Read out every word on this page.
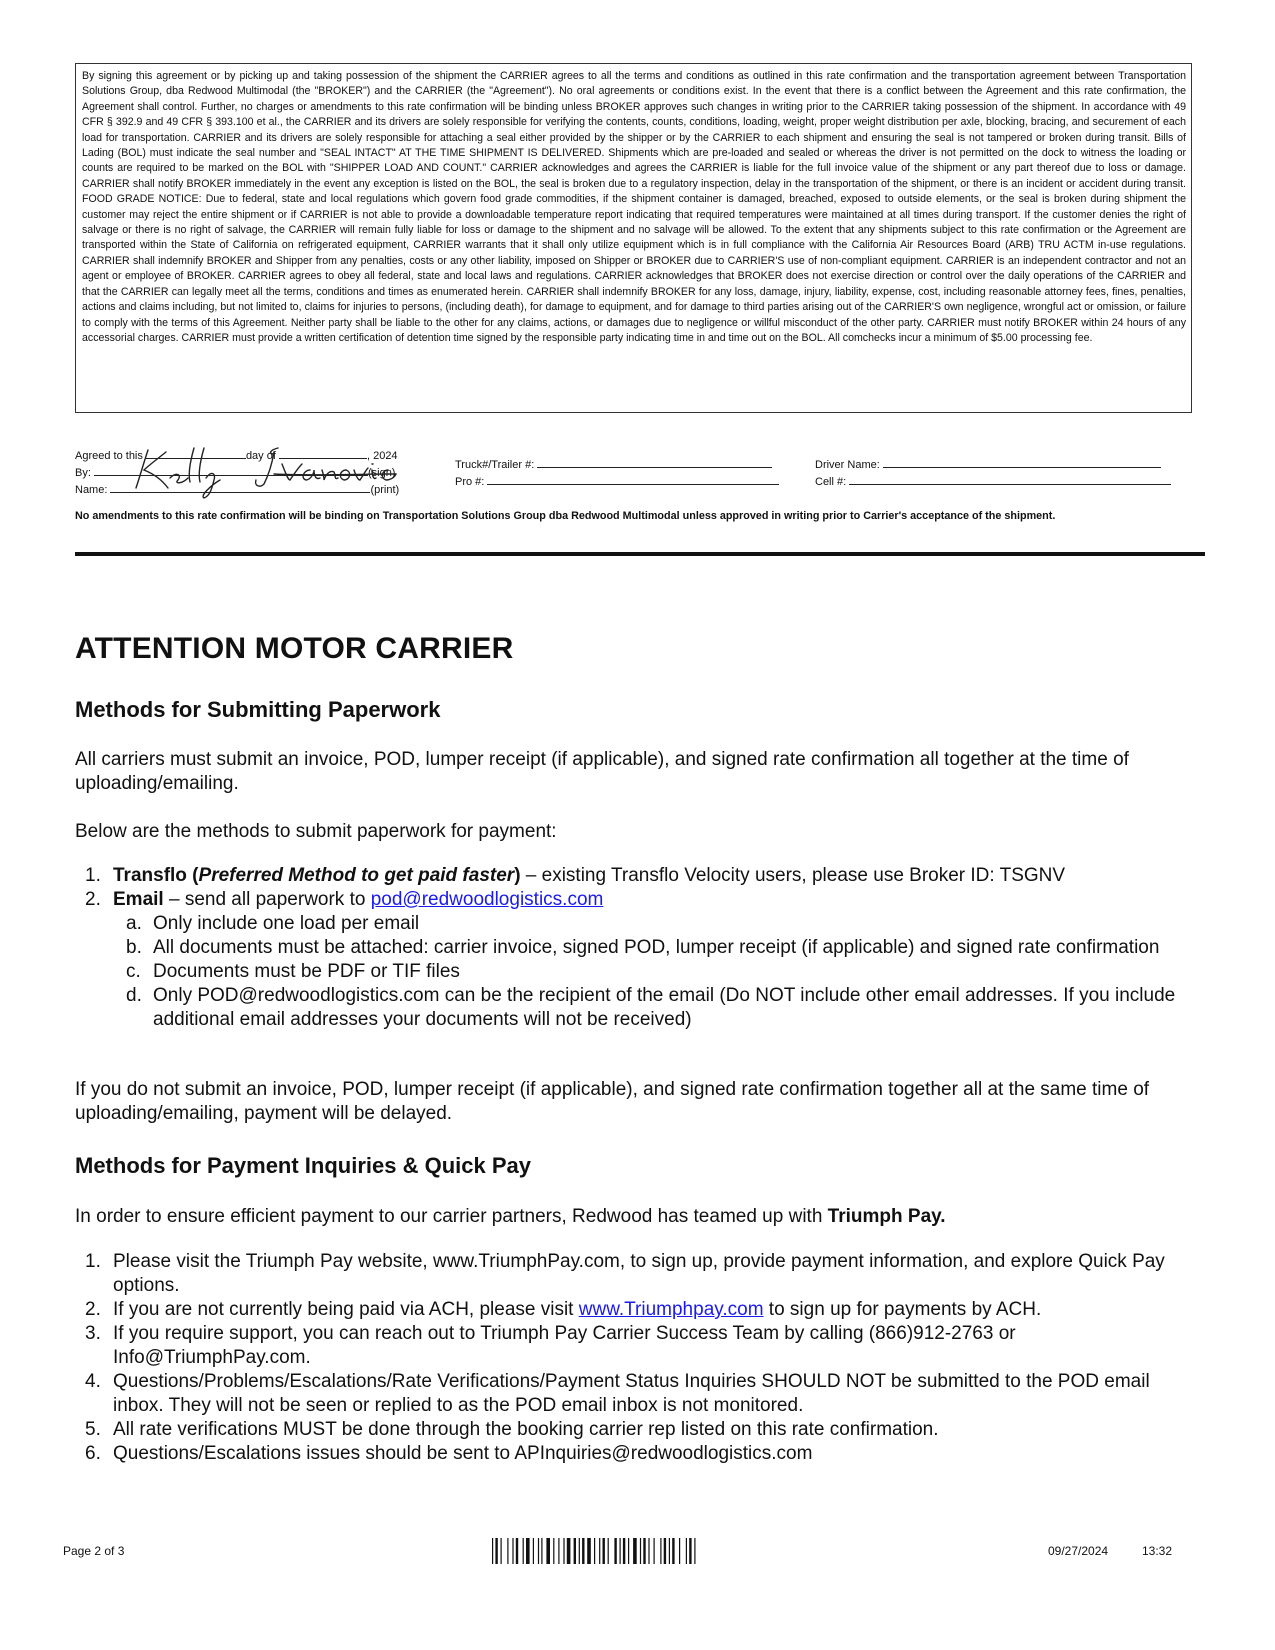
By signing this agreement or by picking up and taking possession of the shipment the CARRIER agrees to all the terms and conditions as outlined in this rate confirmation and the transportation agreement between Transportation Solutions Group, dba Redwood Multimodal (the "BROKER") and the CARRIER (the "Agreement"). No oral agreements or conditions exist. In the event that there is a conflict between the Agreement and this rate confirmation, the Agreement shall control. Further, no charges or amendments to this rate confirmation will be binding unless BROKER approves such changes in writing prior to the CARRIER taking possession of the shipment. In accordance with 49 CFR § 392.9 and 49 CFR § 393.100 et al., the CARRIER and its drivers are solely responsible for verifying the contents, counts, conditions, loading, weight, proper weight distribution per axle, blocking, bracing, and securement of each load for transportation. CARRIER and its drivers are solely responsible for attaching a seal either provided by the shipper or by the CARRIER to each shipment and ensuring the seal is not tampered or broken during transit. Bills of Lading (BOL) must indicate the seal number and "SEAL INTACT" AT THE TIME SHIPMENT IS DELIVERED. Shipments which are pre-loaded and sealed or whereas the driver is not permitted on the dock to witness the loading or counts are required to be marked on the BOL with "SHIPPER LOAD AND COUNT." CARRIER acknowledges and agrees the CARRIER is liable for the full invoice value of the shipment or any part thereof due to loss or damage. CARRIER shall notify BROKER immediately in the event any exception is listed on the BOL, the seal is broken due to a regulatory inspection, delay in the transportation of the shipment, or there is an incident or accident during transit. FOOD GRADE NOTICE: Due to federal, state and local regulations which govern food grade commodities, if the shipment container is damaged, breached, exposed to outside elements, or the seal is broken during shipment the customer may reject the entire shipment or if CARRIER is not able to provide a downloadable temperature report indicating that required temperatures were maintained at all times during transport. If the customer denies the right of salvage or there is no right of salvage, the CARRIER will remain fully liable for loss or damage to the shipment and no salvage will be allowed. To the extent that any shipments subject to this rate confirmation or the Agreement are transported within the State of California on refrigerated equipment, CARRIER warrants that it shall only utilize equipment which is in full compliance with the California Air Resources Board (ARB) TRU ACTM in-use regulations. CARRIER shall indemnify BROKER and Shipper from any penalties, costs or any other liability, imposed on Shipper or BROKER due to CARRIER'S use of non-compliant equipment. CARRIER is an independent contractor and not an agent or employee of BROKER. CARRIER agrees to obey all federal, state and local laws and regulations. CARRIER acknowledges that BROKER does not exercise direction or control over the daily operations of the CARRIER and that the CARRIER can legally meet all the terms, conditions and times as enumerated herein. CARRIER shall indemnify BROKER for any loss, damage, injury, liability, expense, cost, including reasonable attorney fees, fines, penalties, actions and claims including, but not limited to, claims for injuries to persons, (including death), for damage to equipment, and for damage to third parties arising out of the CARRIER'S own negligence, wrongful act or omission, or failure to comply with the terms of this Agreement. Neither party shall be liable to the other for any claims, actions, or damages due to negligence or willful misconduct of the other party. CARRIER must notify BROKER within 24 hours of any accessorial charges. CARRIER must provide a written certification of detention time signed by the responsible party indicating time in and time out on the BOL. All comchecks incur a minimum of $5.00 processing fee.
Agreed to this	day of	, 2024
By:	(sign)
Name:	(print)
Truck#/Trailer #:
Pro #:
Driver Name:
Cell #:
No amendments to this rate confirmation will be binding on Transportation Solutions Group dba Redwood Multimodal unless approved in writing prior to Carrier's acceptance of the shipment.
ATTENTION MOTOR CARRIER
Methods for Submitting Paperwork

All carriers must submit an invoice, POD, lumper receipt (if applicable), and signed rate confirmation all together at the time of uploading/emailing.

Below are the methods to submit paperwork for payment:

1. Transflo (Preferred Method to get paid faster) – existing Transflo Velocity users, please use Broker ID: TSGNV
2. Email – send all paperwork to pod@redwoodlogistics.com
a. Only include one load per email
b. All documents must be attached: carrier invoice, signed POD, lumper receipt (if applicable) and signed rate confirmation
c. Documents must be PDF or TIF files
d. Only POD@redwoodlogistics.com can be the recipient of the email (Do NOT include other email addresses. If you include additional email addresses your documents will not be received)

If you do not submit an invoice, POD, lumper receipt (if applicable), and signed rate confirmation together all at the same time of uploading/emailing, payment will be delayed.

Methods for Payment Inquiries & Quick Pay

In order to ensure efficient payment to our carrier partners, Redwood has teamed up with Triumph Pay.

1. Please visit the Triumph Pay website, www.TriumphPay.com, to sign up, provide payment information, and explore Quick Pay options.
2. If you are not currently being paid via ACH, please visit www.Triumphpay.com to sign up for payments by ACH.
3. If you require support, you can reach out to Triumph Pay Carrier Success Team by calling (866)912-2763 or Info@TriumphPay.com.
4. Questions/Problems/Escalations/Rate Verifications/Payment Status Inquiries SHOULD NOT be submitted to the POD email inbox. They will not be seen or replied to as the POD email inbox is not monitored.
5. All rate verifications MUST be done through the booking carrier rep listed on this rate confirmation.
6. Questions/Escalations issues should be sent to APInquiries@redwoodlogistics.com
Page 2 of 3	09/27/2024	13:32
